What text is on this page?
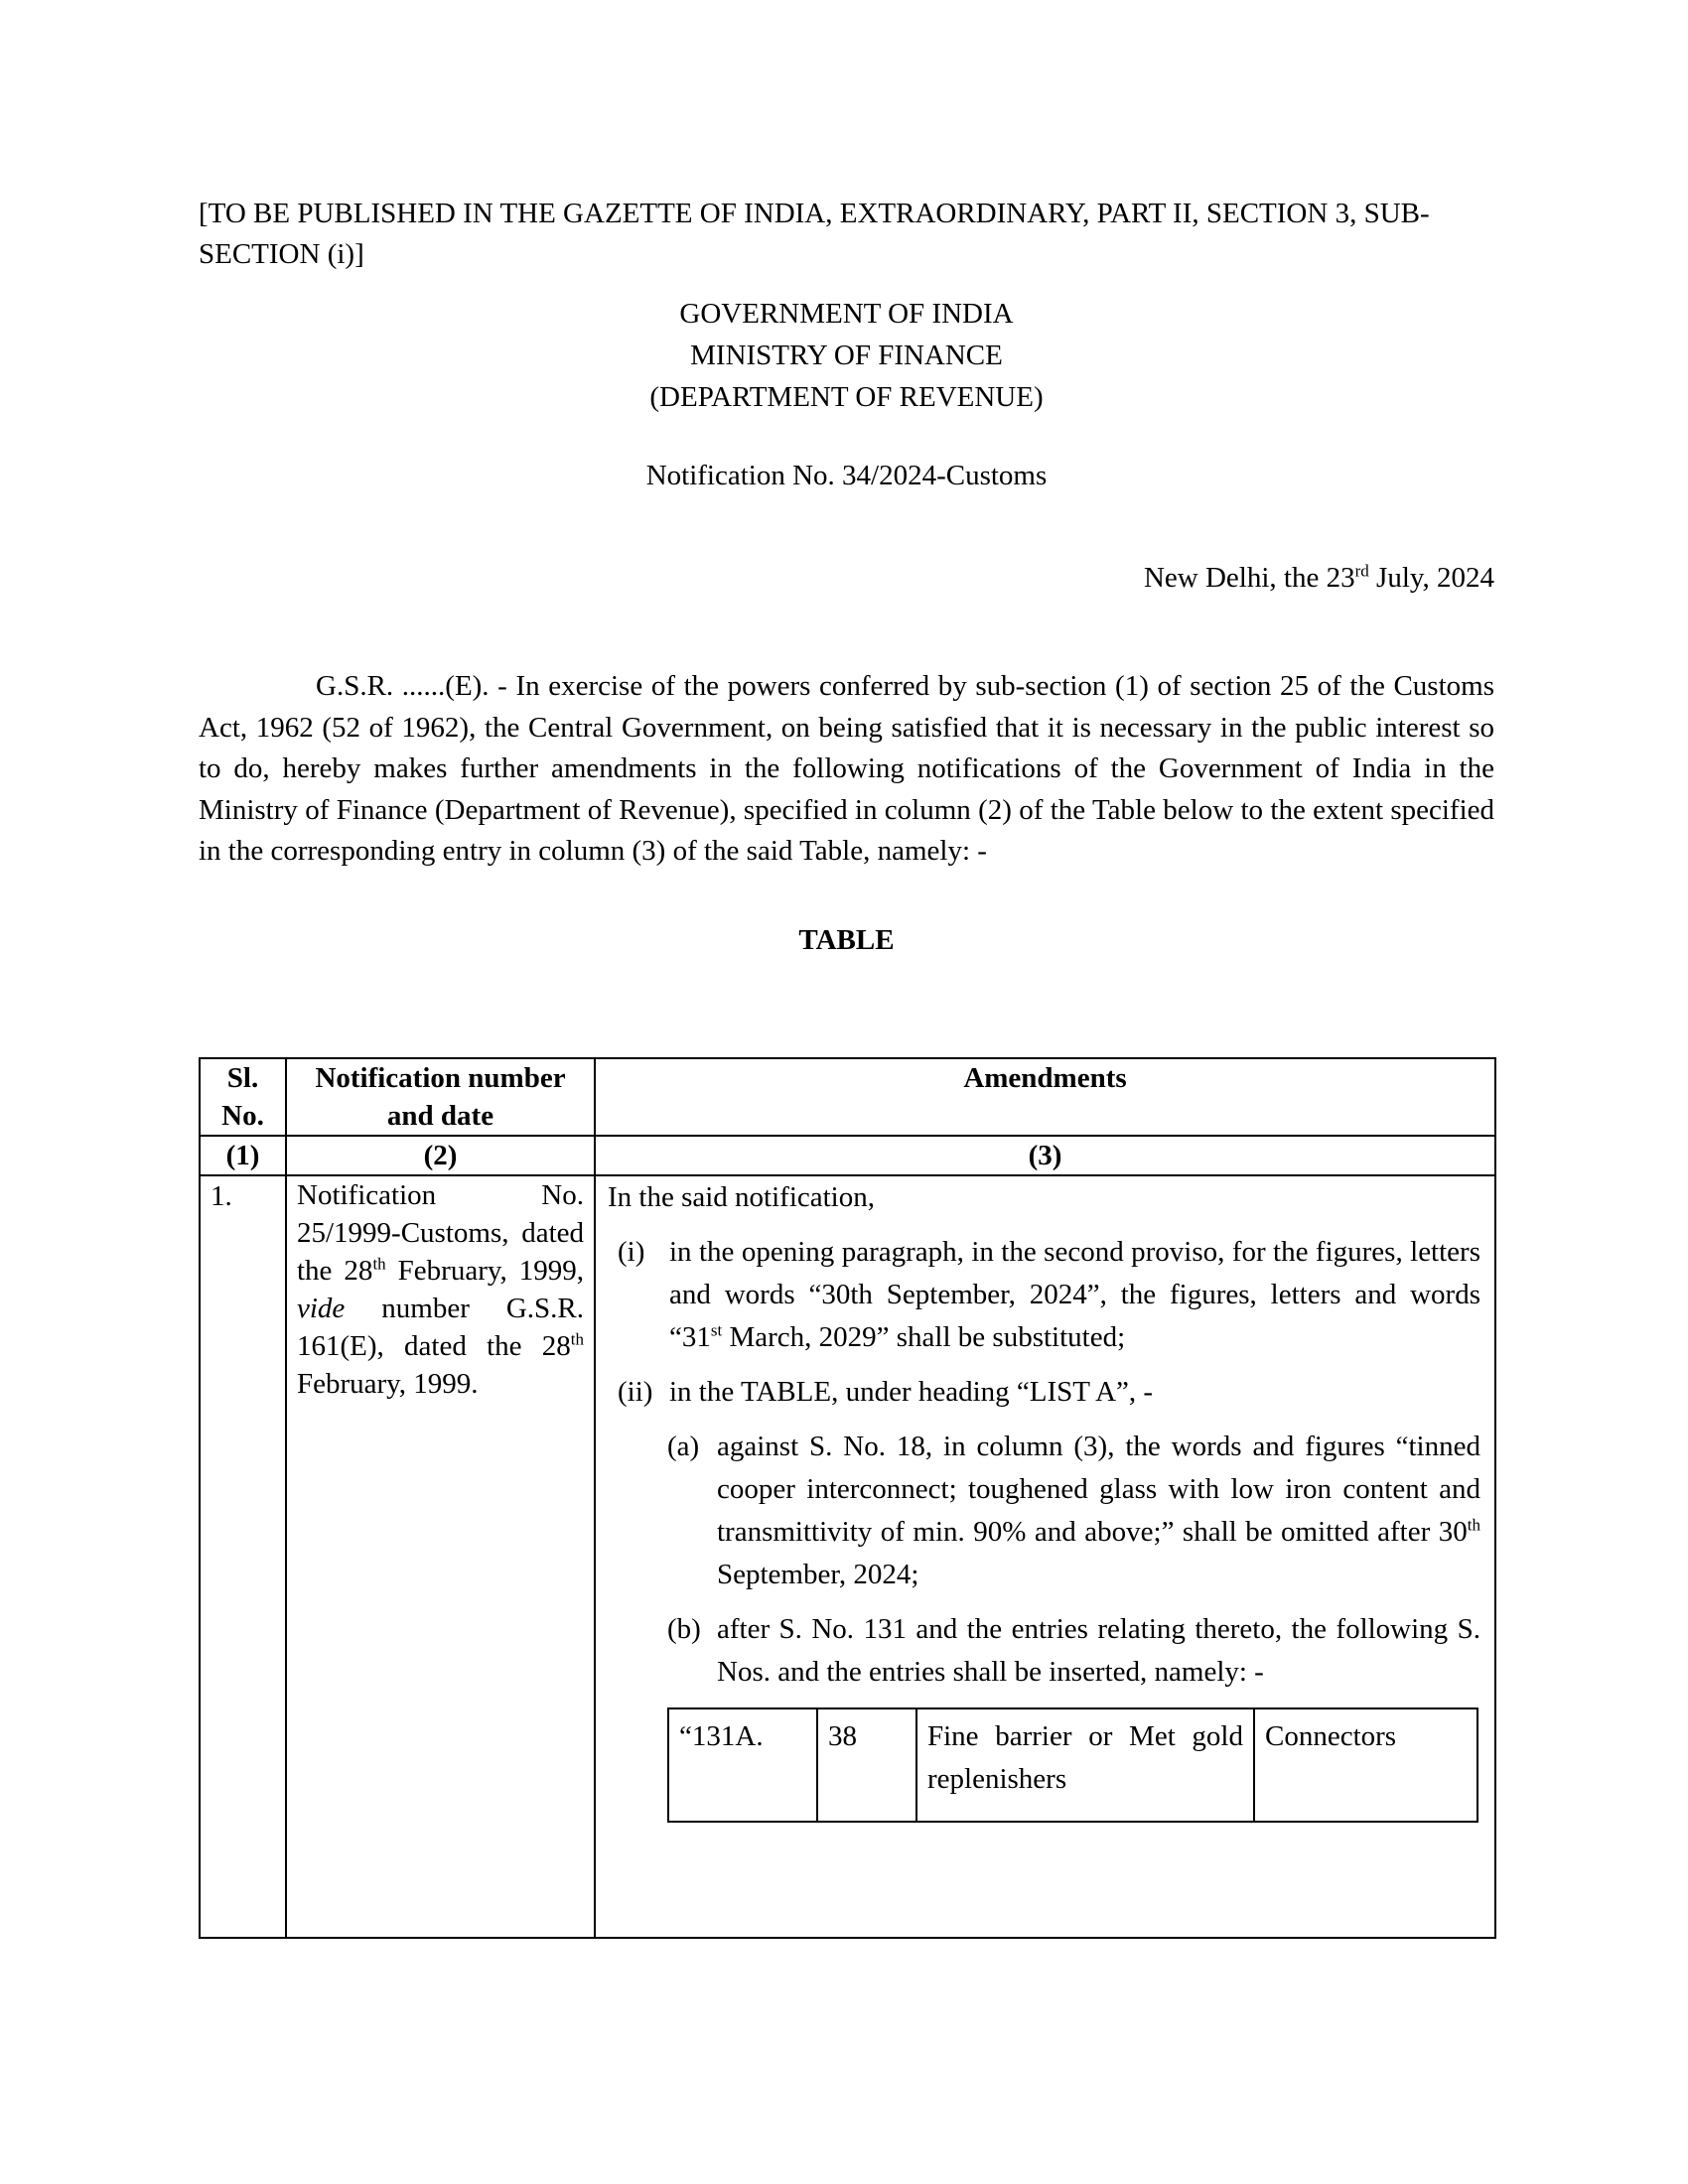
[TO BE PUBLISHED IN THE GAZETTE OF INDIA, EXTRAORDINARY, PART II, SECTION 3, SUB-SECTION (i)]

GOVERNMENT OF INDIA
MINISTRY OF FINANCE
(DEPARTMENT OF REVENUE)
Notification No. 34/2024-Customs
New Delhi, the 23rd July, 2024
G.S.R. ......(E). - In exercise of the powers conferred by sub-section (1) of section 25 of the Customs Act, 1962 (52 of 1962), the Central Government, on being satisfied that it is necessary in the public interest so to do, hereby makes further amendments in the following notifications of the Government of India in the Ministry of Finance (Department of Revenue), specified in column (2) of the Table below to the extent specified in the corresponding entry in column (3) of the said Table, namely: -
TABLE
Sl. No.	Notification number and date	Amendments
(1)	(2)	(3)
1.	Notification No. 25/1999-Customs, dated the 28th February, 1999, vide number G.S.R. 161(E), dated the 28th February, 1999.	
In the said notification,
(i) in the opening paragraph, in the second proviso, for the figures, letters and words “30th September, 2024”, the figures, letters and words “31st March, 2029” shall be substituted;
(ii) in the TABLE, under heading “LIST A”, -
(a) against S. No. 18, in column (3), the words and figures “tinned cooper interconnect; toughened glass with low iron content and transmittivity of min. 90% and above;” shall be omitted after 30th September, 2024;
(b) after S. No. 131 and the entries relating thereto, the following S. Nos. and the entries shall be inserted, namely: -
“131A.	38	Fine barrier or Met gold replenishers	Connectors
